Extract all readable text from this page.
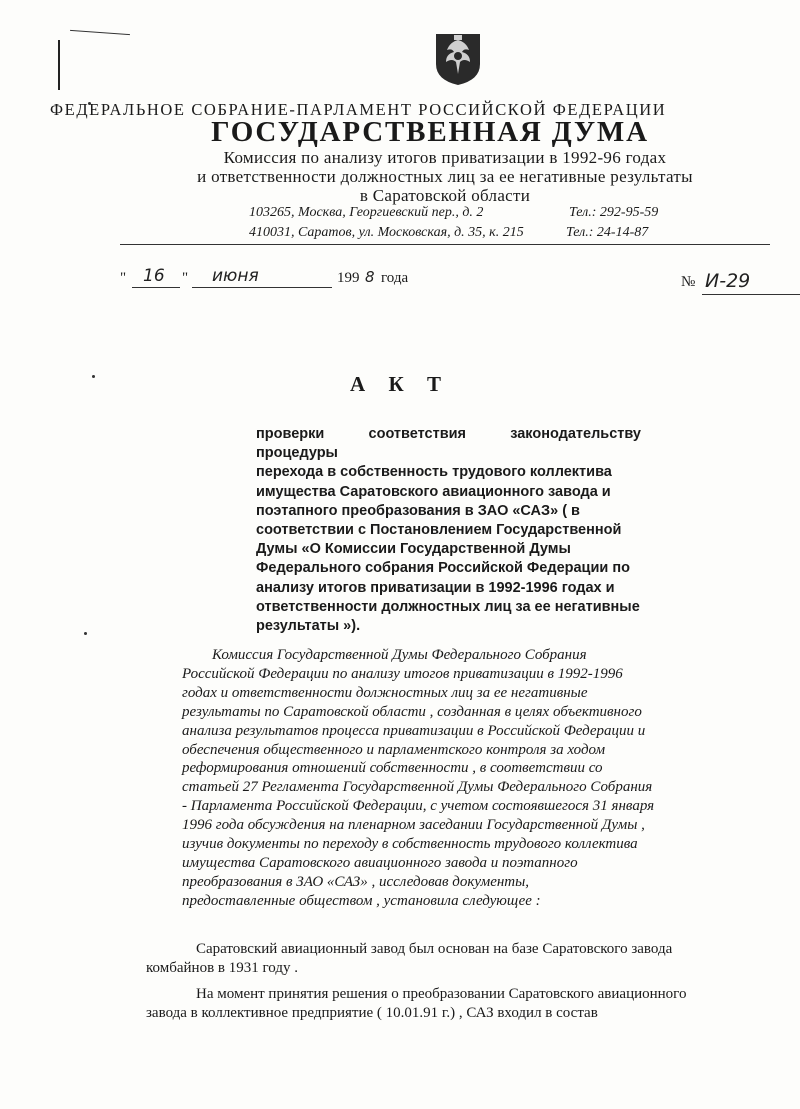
ФЕДЕРАЛЬНОЕ СОБРАНИЕ-ПАРЛАМЕНТ РОССИЙСКОЙ ФЕДЕРАЦИИ
ГОСУДАРСТВЕННАЯ ДУМА
Комиссия по анализу итогов приватизации в 1992-96 годах
и ответственности должностных лиц за ее негативные результаты
в Саратовской области
103265, Москва, Георгиевский пер., д. 2	Тел.: 292-95-59
410031, Саратов, ул. Московская, д. 35, к. 215	Тел.: 24-14-87
" 16 " июня	199 8 года	№ И-29
А К Т

проверки соответствия законодательству процедуры

перехода в собственность трудового коллектива

имущества Саратовского авиационного завода и

поэтапного преобразования в ЗАО «САЗ» ( в

соответствии с Постановлением Государственной

Думы «О Комиссии Государственной Думы

Федерального собрания Российской Федерации по

анализу итогов приватизации в 1992-1996 годах и

ответственности должностных лиц за ее негативные

результаты »).

Комиссия Государственной Думы Федерального Собрания

Российской Федерации по анализу итогов приватизации в 1992-1996

годах и ответственности должностных лиц за ее негативные

результаты по Саратовской области , созданная в целях объективного

анализа результатов процесса приватизации в Российской Федерации и

обеспечения общественного и парламентского контроля за ходом

реформирования отношений собственности , в соответствии со

статьей 27 Регламента Государственной Думы Федерального Собрания

- Парламента Российской Федерации, с учетом состоявшегося 31 января

1996 года обсуждения на пленарном заседании Государственной Думы ,

изучив документы по переходу в собственность трудового коллектива

имущества Саратовского авиационного завода и поэтапного

преобразования в ЗАО «САЗ» , исследовав документы,

предоставленные обществом , установила следующее :

Саратовский авиационный завод был основан на базе Саратовского завода

комбайнов в 1931 году .

На момент принятия решения о преобразовании Саратовского авиационного

завода в коллективное предприятие ( 10.01.91 г.) , САЗ входил в состав
